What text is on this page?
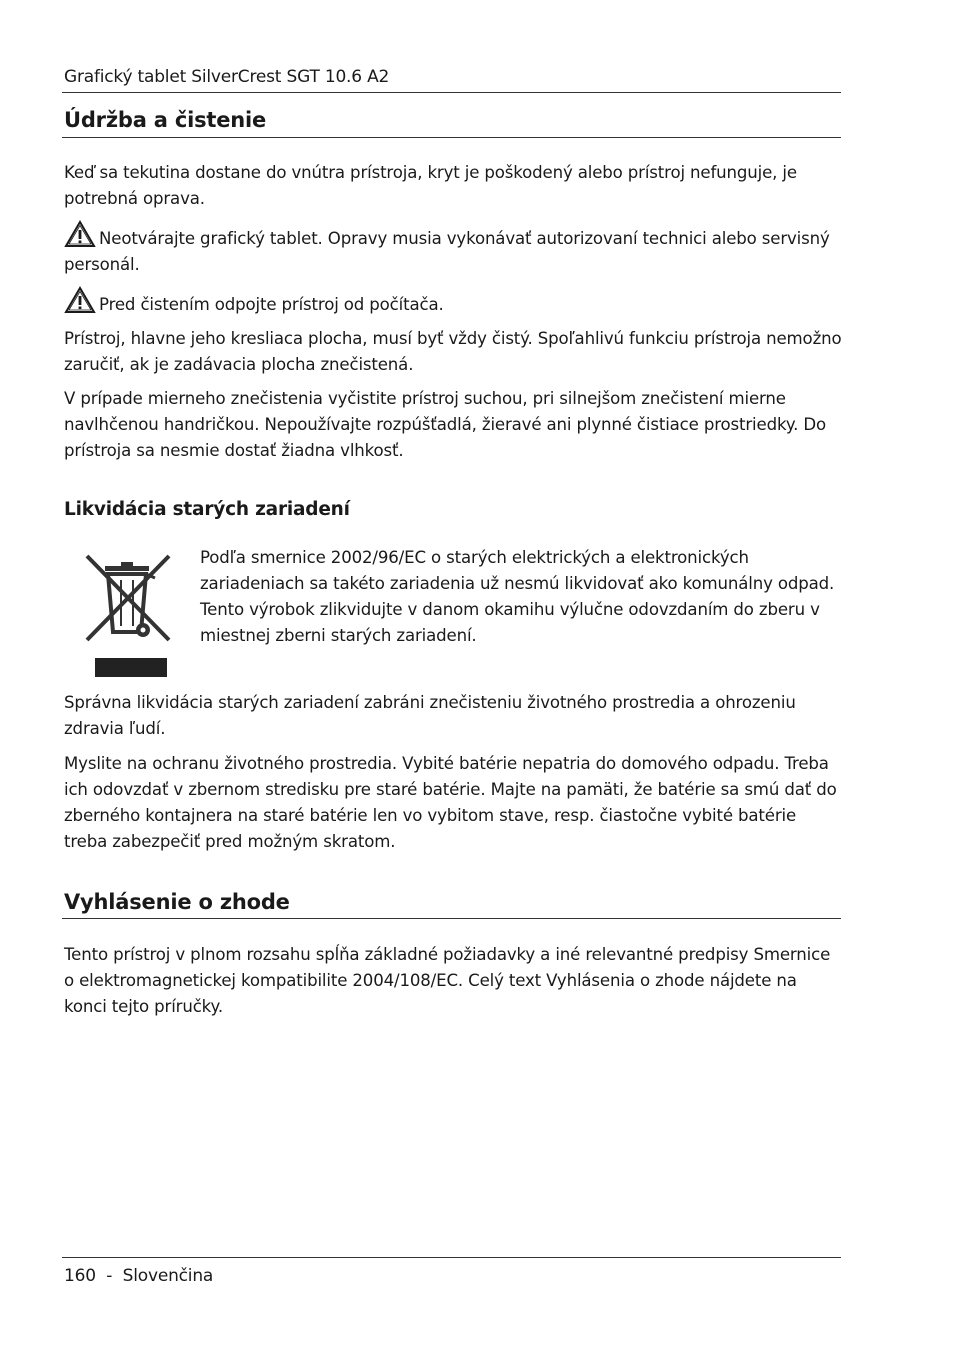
Grafický tablet SilverCrest SGT 10.6 A2
Údržba a čistenie

Keď sa tekutina dostane do vnútra prístroja, kryt je poškodený alebo prístroj nefunguje, je potrebná oprava.

Neotvárajte grafický tablet. Opravy musia vykonávať autorizovaní technici alebo servisný personál.

Pred čistením odpojte prístroj od počítača.

Prístroj, hlavne jeho kresliaca plocha, musí byť vždy čistý. Spoľahlivú funkciu prístroja nemožno zaručiť, ak je zadávacia plocha znečistená.

V prípade mierneho znečistenia vyčistite prístroj suchou, pri silnejšom znečistení mierne navlhčenou handričkou. Nepoužívajte rozpúšťadlá, žieravé ani plynné čistiace prostriedky. Do prístroja sa nesmie dostať žiadna vlhkosť.

Likvidácia starých zariadení

Podľa smernice 2002/96/EC o starých elektrických a elektronických zariadeniach sa takéto zariadenia už nesmú likvidovať ako komunálny odpad. Tento výrobok zlikvidujte v danom okamihu výlučne odovzdaním do zberu v miestnej zberni starých zariadení.

Správna likvidácia starých zariadení zabráni znečisteniu životného prostredia a ohrozeniu zdravia ľudí.

Myslite na ochranu životného prostredia. Vybité batérie nepatria do domového odpadu. Treba ich odovzdať v zbernom stredisku pre staré batérie. Majte na pamäti, že batérie sa smú dať do zberného kontajnera na staré batérie len vo vybitom stave, resp. čiastočne vybité batérie treba zabezpečiť pred možným skratom.

Vyhlásenie o zhode

Tento prístroj v plnom rozsahu spĺňa základné požiadavky a iné relevantné predpisy Smernice o elektromagnetickej kompatibilite 2004/108/EC. Celý text Vyhlásenia o zhode nájdete na konci tejto príručky.

160 - Slovenčina
